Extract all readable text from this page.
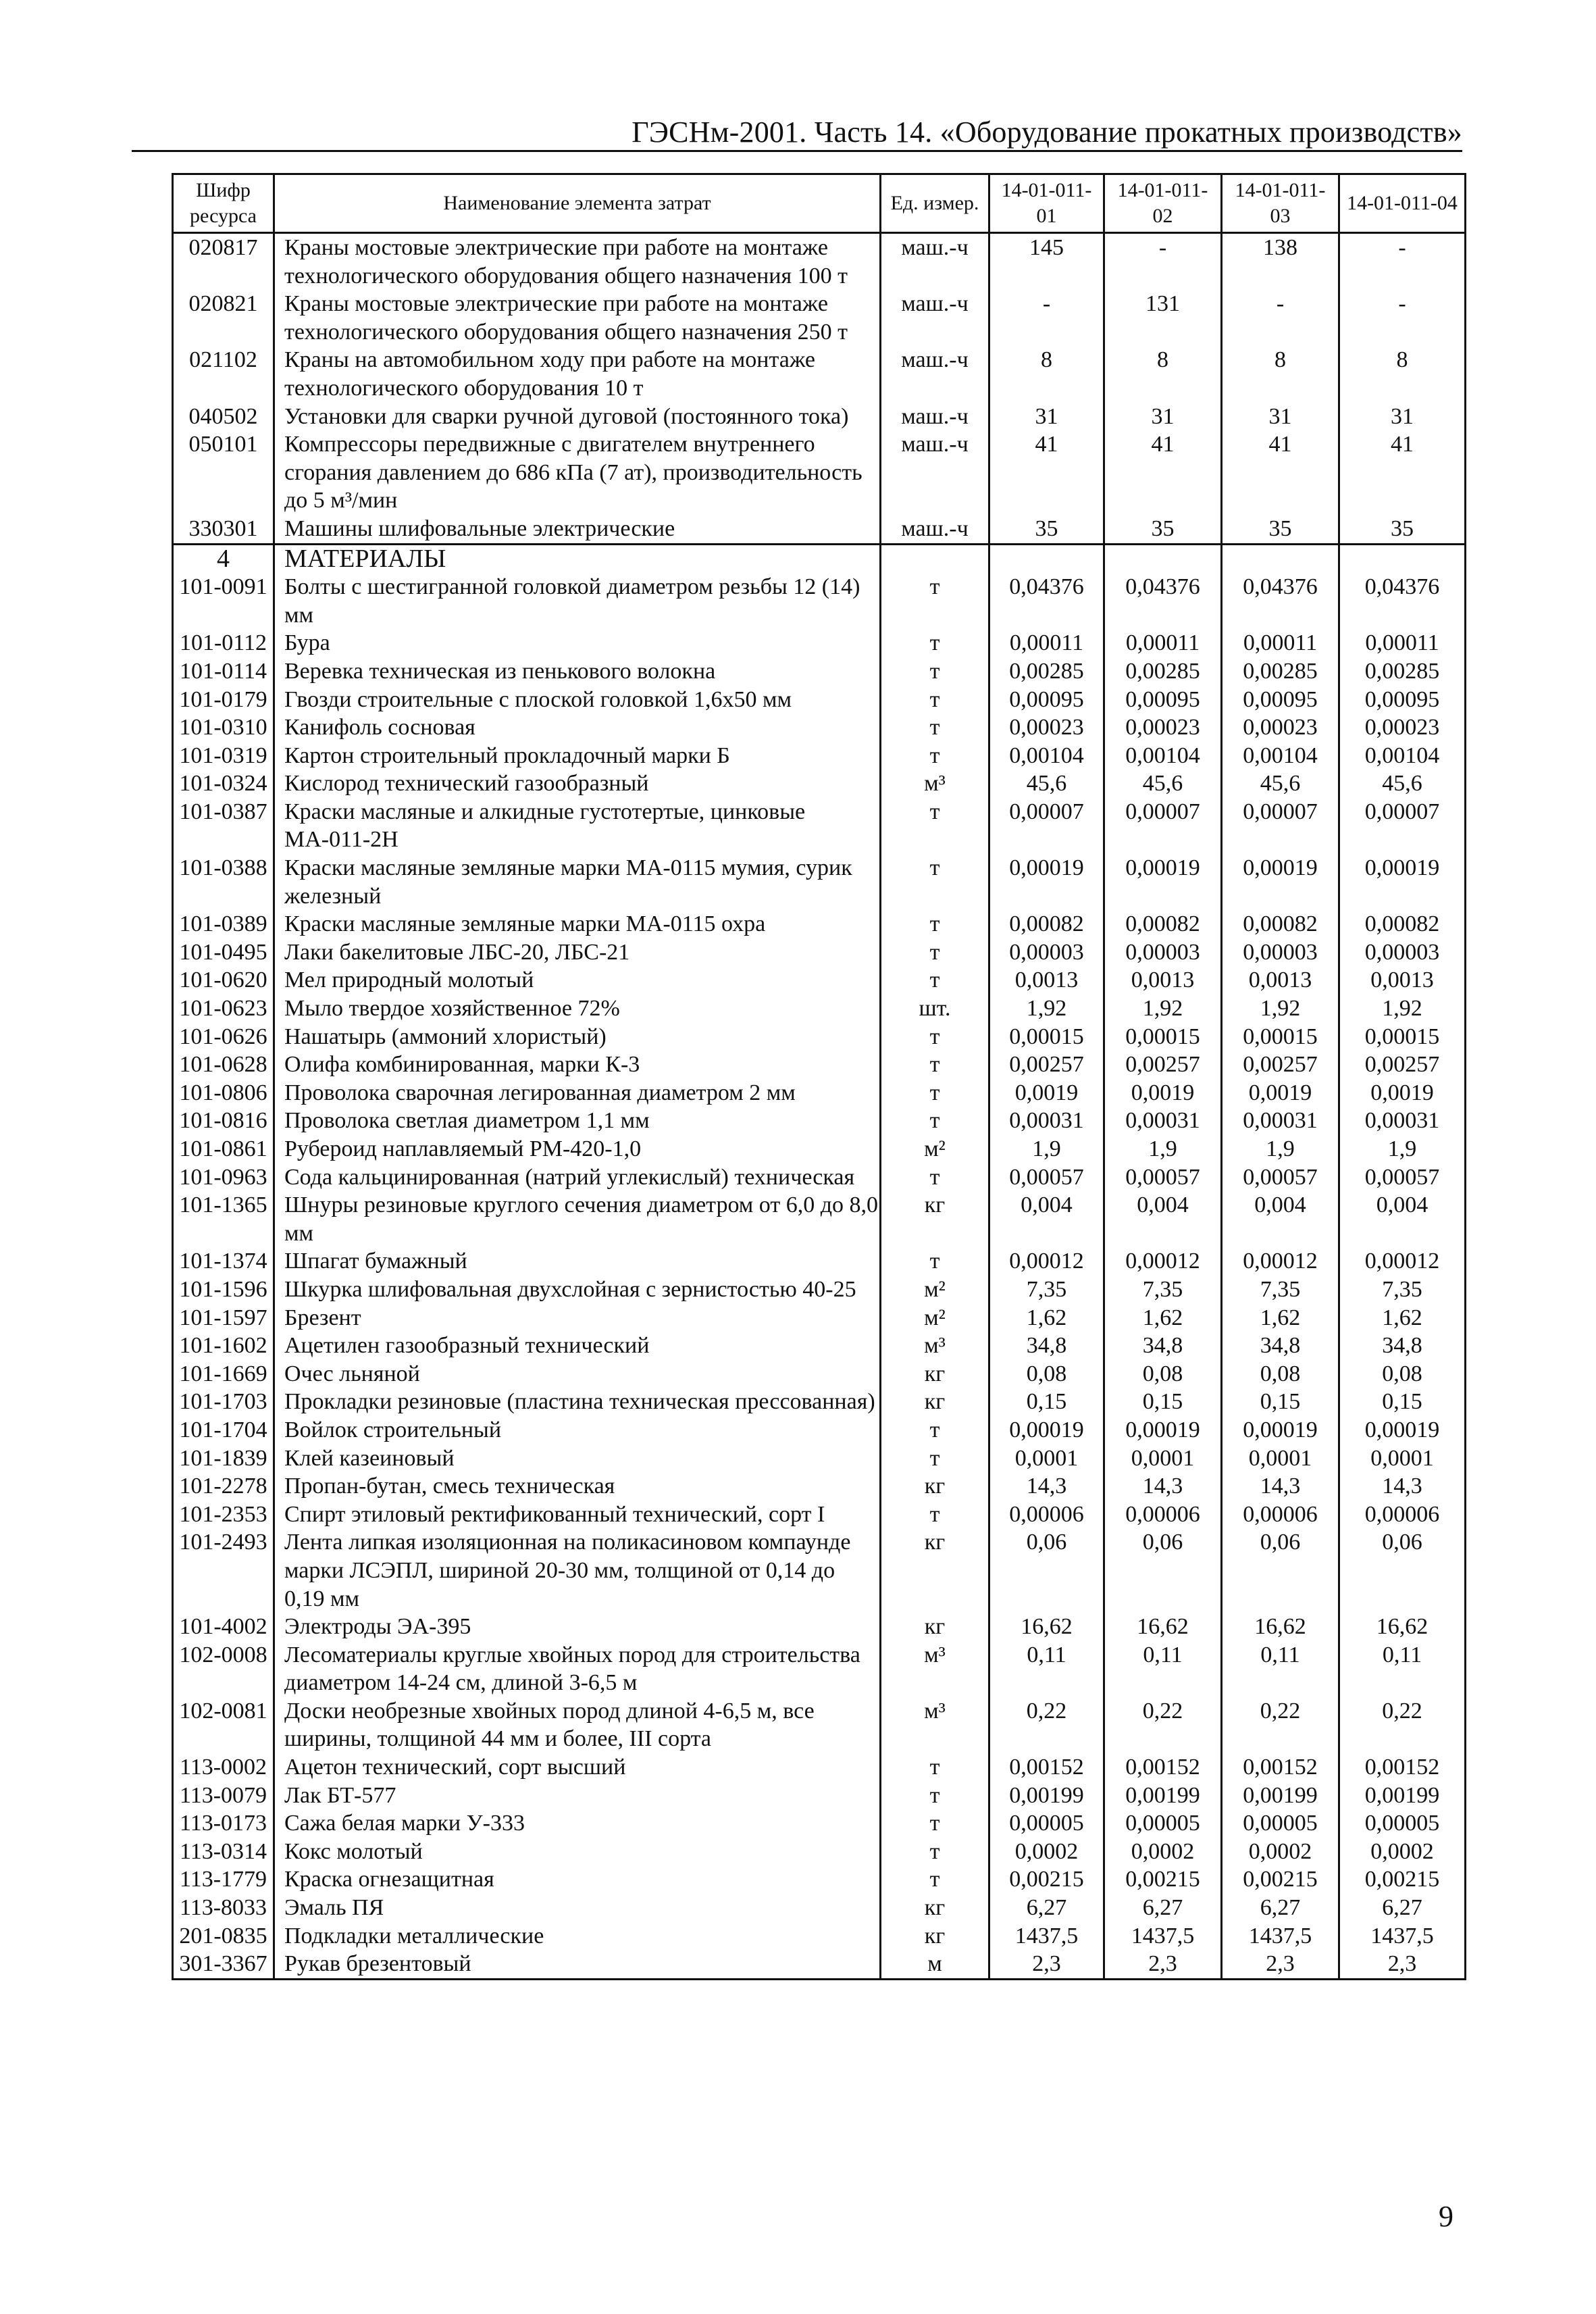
ГЭСНм-2001. Часть 14. «Оборудование прокатных производств»
Шифр ресурса	Наименование элемента затрат	Ед. измер.	14-01-011-01	14-01-011-02	14-01-011-03	14-01-011-04
020817	Краны мостовые электрические при работе на монтаже технологического оборудования общего назначения 100 т	маш.-ч	145	-	138	-
020821	Краны мостовые электрические при работе на монтаже технологического оборудования общего назначения 250 т	маш.-ч	-	131	-	-
021102	Краны на автомобильном ходу при работе на монтаже технологического оборудования 10 т	маш.-ч	8	8	8	8
040502	Установки для сварки ручной дуговой (постоянного тока)	маш.-ч	31	31	31	31
050101	Компрессоры передвижные с двигателем внутреннего сгорания давлением до 686 кПа (7 ат), производительность до 5 м³/мин	маш.-ч	41	41	41	41
330301	Машины шлифовальные электрические	маш.-ч	35	35	35	35
4	МАТЕРИАЛЫ					
101-0091	Болты с шестигранной головкой диаметром резьбы 12 (14) мм	т	0,04376	0,04376	0,04376	0,04376
101-0112	Бура	т	0,00011	0,00011	0,00011	0,00011
101-0114	Веревка техническая из пенькового волокна	т	0,00285	0,00285	0,00285	0,00285
101-0179	Гвозди строительные с плоской головкой 1,6х50 мм	т	0,00095	0,00095	0,00095	0,00095
101-0310	Канифоль сосновая	т	0,00023	0,00023	0,00023	0,00023
101-0319	Картон строительный прокладочный марки Б	т	0,00104	0,00104	0,00104	0,00104
101-0324	Кислород технический газообразный	м³	45,6	45,6	45,6	45,6
101-0387	Краски масляные и алкидные густотертые, цинковые МА-011-2Н	т	0,00007	0,00007	0,00007	0,00007
101-0388	Краски масляные земляные марки МА-0115 мумия, сурик железный	т	0,00019	0,00019	0,00019	0,00019
101-0389	Краски масляные земляные марки МА-0115 охра	т	0,00082	0,00082	0,00082	0,00082
101-0495	Лаки бакелитовые ЛБС-20, ЛБС-21	т	0,00003	0,00003	0,00003	0,00003
101-0620	Мел природный молотый	т	0,0013	0,0013	0,0013	0,0013
101-0623	Мыло твердое хозяйственное 72%	шт.	1,92	1,92	1,92	1,92
101-0626	Нашатырь (аммоний хлористый)	т	0,00015	0,00015	0,00015	0,00015
101-0628	Олифа комбинированная, марки К-3	т	0,00257	0,00257	0,00257	0,00257
101-0806	Проволока сварочная легированная диаметром 2 мм	т	0,0019	0,0019	0,0019	0,0019
101-0816	Проволока светлая диаметром 1,1 мм	т	0,00031	0,00031	0,00031	0,00031
101-0861	Рубероид наплавляемый РМ-420-1,0	м²	1,9	1,9	1,9	1,9
101-0963	Сода кальцинированная (натрий углекислый) техническая	т	0,00057	0,00057	0,00057	0,00057
101-1365	Шнуры резиновые круглого сечения диаметром от 6,0 до 8,0 мм	кг	0,004	0,004	0,004	0,004
101-1374	Шпагат бумажный	т	0,00012	0,00012	0,00012	0,00012
101-1596	Шкурка шлифовальная двухслойная с зернистостью 40-25	м²	7,35	7,35	7,35	7,35
101-1597	Брезент	м²	1,62	1,62	1,62	1,62
101-1602	Ацетилен газообразный технический	м³	34,8	34,8	34,8	34,8
101-1669	Очес льняной	кг	0,08	0,08	0,08	0,08
101-1703	Прокладки резиновые (пластина техническая прессованная)	кг	0,15	0,15	0,15	0,15
101-1704	Войлок строительный	т	0,00019	0,00019	0,00019	0,00019
101-1839	Клей казеиновый	т	0,0001	0,0001	0,0001	0,0001
101-2278	Пропан-бутан, смесь техническая	кг	14,3	14,3	14,3	14,3
101-2353	Спирт этиловый ректификованный технический, сорт I	т	0,00006	0,00006	0,00006	0,00006
101-2493	Лента липкая изоляционная на поликасиновом компаунде марки ЛСЭПЛ, шириной 20-30 мм, толщиной от 0,14 до 0,19 мм	кг	0,06	0,06	0,06	0,06
101-4002	Электроды ЭА-395	кг	16,62	16,62	16,62	16,62
102-0008	Лесоматериалы круглые хвойных пород для строительства диаметром 14-24 см, длиной 3-6,5 м	м³	0,11	0,11	0,11	0,11
102-0081	Доски необрезные хвойных пород длиной 4-6,5 м, все ширины, толщиной 44 мм и более, III сорта	м³	0,22	0,22	0,22	0,22
113-0002	Ацетон технический, сорт высший	т	0,00152	0,00152	0,00152	0,00152
113-0079	Лак БТ-577	т	0,00199	0,00199	0,00199	0,00199
113-0173	Сажа белая марки У-333	т	0,00005	0,00005	0,00005	0,00005
113-0314	Кокс молотый	т	0,0002	0,0002	0,0002	0,0002
113-1779	Краска огнезащитная	т	0,00215	0,00215	0,00215	0,00215
113-8033	Эмаль ПЯ	кг	6,27	6,27	6,27	6,27
201-0835	Подкладки металлические	кг	1437,5	1437,5	1437,5	1437,5
301-3367	Рукав брезентовый	м	2,3	2,3	2,3	2,3
9
